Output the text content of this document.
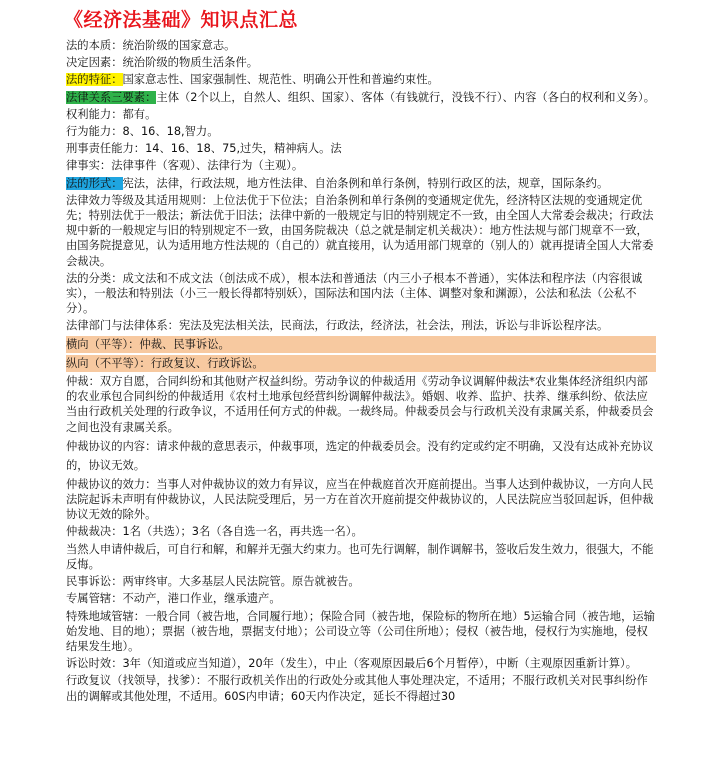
《经济法基础》知识点汇总
法的本质：统治阶级的国家意志。
决定因素：统治阶级的物质生活条件。
法的特征：国家意志性、国家强制性、规范性、明确公开性和普遍约束性。
法律关系三要素：主体（2个以上，自然人、组织、国家）、客体（有钱就行，没钱不行）、内容（各白的权利和义务）。
权利能力：都有。
行为能力：8、16、18,智力。
刑事责任能力：14、16、18、75,过失，精神病人。法
律事实：法律事件（客观）、法律行为（主观）。
法的形式：宪法，法律，行政法规，地方性法律、自治条例和单行条例，特别行政区的法，规章，国际条约。
法律效力等级及其适用规则：上位法优于下位法；自治条例和单行条例的变通规定优先，经济特区法规的变通规定优先；特别法优于一般法；新法优于旧法；法律中新的一般规定与旧的特别规定不一致，由全国人大常委会裁决；行政法规中新的一般规定与旧的特别规定不一致，由国务院裁决（总之就是制定机关裁决）：地方性法规与部门规章不一致，由国务院提意见，认为适用地方性法规的（自己的）就直接用，认为适用部门规章的（别人的）就再提请全国人大常委会裁决。
法的分类：成文法和不成文法（创法成不成），根本法和普通法（内三小子根本不普通），实体法和程序法（内容很诚实），一般法和特别法（小三一般长得都特别妖），国际法和国内法（主体、调整对象和渊源），公法和私法（公私不分）。
法律部门与法律体系：宪法及宪法相关法，民商法，行政法，经济法，社会法，刑法，诉讼与非诉讼程序法。
横向（平等）：仲裁、民事诉讼。
纵向（不平等）：行政复议、行政诉讼。
仲裁：双方自愿，合同纠纷和其他财产权益纠纷。劳动争议的仲裁适用《劳动争议调解仲裁法*农业集体经济组织内部的农业承包合同纠纷的仲裁适用《农村土地承包经营纠纷调解仲裁法》。婚姻、收养、监护、扶养、继承纠纷、依法应当由行政机关处理的行政争议，不适用任何方式的仲裁。一裁终局。仲裁委员会与行政机关没有隶属关系，仲裁委员会之间也没有隶属关系。
仲裁协议的内容：请求仲裁的意思表示，仲裁事项，选定的仲裁委员会。没有约定或约定不明确，又没有达成补充协议的，协议无效。
仲裁协议的效力：当事人对仲裁协议的效力有异议，应当在仲裁庭首次开庭前提出。当事人达到仲裁协议，一方向人民法院起诉未声明有仲裁协议，人民法院受理后，另一方在首次开庭前提交仲裁协议的，人民法院应当驳回起诉，但仲裁协议无效的除外。
仲裁裁决：1名（共选）；3名（各自选一名，再共选一名）。
当然人申请仲裁后，可自行和解，和解并无强大约束力。也可先行调解，制作调解书，签收后发生效力，很强大，不能反悔。
民事诉讼：两审终审。大多基层人民法院管。原告就被告。
专属管辖：不动产，港口作业，继承遗产。
特殊地域管辖：一般合同（被告地，合同履行地）；保险合同（被告地，保险标的物所在地）5运输合同（被告地，运输始发地、目的地）；票据（被告地，票据支付地）；公司设立等（公司住所地）；侵权（被告地，侵权行为实施地，侵权结果发生地）。
诉讼时效：3年（知道或应当知道），20年（发生），中止（客观原因最后6个月暂停），中断（主观原因重新计算）。
行政复议（找领导，找爹）：不服行政机关作出的行政处分或其他人事处理决定，不适用；不服行政机关对民事纠纷作出的调解或其他处理，不适用。60S内申请；60天内作决定，延长不得超过30
